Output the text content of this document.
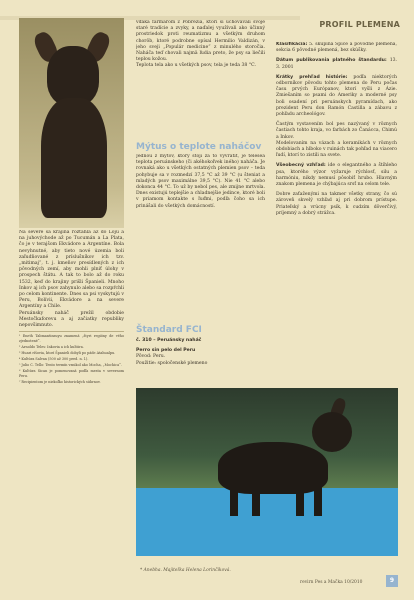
PROFIL PLEMENA

Na severe sa krajina rozťahla až do Lojú a na juhovýchode až po Tucumán a La Plata, čo je v terajšom Ekvádore a Argentíne. Bola nevyhnutné, aby tieto nové územia boli zaľudňované z príslušníkov ich tzv. „mitimaj“, t. j. kmeňov presídlených z ich pôvodných zemí, aby mohli plniť úlohy v prospech štátu. A tak to bolo až do roku 1532, keď do krajiny prišli Španieli. Mnoho Inkov aj ich psov zahynulo alebo sa rozpŕchli po celom kontinente. Dnes sa psi vyskytujú v Peru, Bolívii, Ekvádore a na severe Argentíny a Chile.

Peruánsky naháč prežil obdobie Mestočkaforevu a aj začiatky republiky nepovšimnuto.

¹ Eneth Tabmantinsuyu znamená „štyri regióny de vého zjednotené“.
² Arnoldo Teles: Inkovia a ich kultúra.
³ Huari ríšovia, ktorí Španieli dobyli po páde Atahualpu.
⁴ Kultúra Salvan (500 až 300 pred. n. l.).
⁵ Julio C. Tello: Tento termín vznikol ako Mocha, „Mochica“.
⁶ Kultúra Sican je pomenovaná podľa mesta v severnom Peru.
⁷ Recipientom je niekoľko historických súhrnov.

vďaka farmárom z Pobrežia, ktorí si uchovávali svoje staré tradície a zvyky, a naďalej využívali ako účinný prostriedok proti reumatizmu a všetkým druhom chorôb, ktoré podrobne opísal Hermilio Valdizán, v jeho sveji „Populár medicine“ z minulého storočia. Naháča teď chovali najmä ľudia preto, že psy sa liečili teplou kožou.

Teplota tela ako u všetkých psov, tela je teda 38 °C.

Mýtus o teplote naháčov
Jednou z mýtov, ktorý stojí za to vyvrátiť, je teleseá teplota peruánskeho (či akéhokoľvek iného) naháča. Je rovnaká ako u všetkých ostatných plemien psov – teda pohybuje sa v rozmedzí 37,5 °C až 39 °C (u šteniat a mladých psov maximálne 39,5 °C). Nie 41 °C alebo dokonca 44 °C. To už by nebol pes, ale zmijne mrtvola. Dnes existujú teplejšie a chladnejšie jedince, ktoré boli v priamom kontakte s ľuďmi, podľa čoho sa ich prinášali do všetkých domácností.
Štandard FCI
č. 310 – Peruánsky naháč
Perro sin pelo del Peru
Pôvod: Peru.
Použitie: spoločenské plemeno

Klasifikácia: 5. skupina Špice a pôvodné plemená, sekcia 6 pôvodné plemená, bez skúšky.

Dátum publikovania platného štandardu: 13. 3. 2001

Krátky prehľad histórie: podľa niektorých odborníkov pôvodu tohto plemena do Peru počas času prvých Európanov, ktorí vyšli z Ázie. Zmiešaním so psami do Ameriky a moderné psy boli osadení pri peruánskych pyramídach, ako prezident Peru don Ramón Castilla a zábavu z pohľadu archeológov.

Častým vystavením bol pes nazývaný v rôznych častiach tohto kraja, vo farbách zo Čanácca, Chimú a Inkov.

Modelovaním na vázach a keramikách v rôznych obdobiach a hlboko v ruinách tak pohľad na viacero ľudí, ktorí to zistili na svete.

Všeobecný vzhľad: ide o elegantného a štíhleho psa, ktorého výzor vyžaruje rýchlosť, silu a harmóniu, nikdy nemusí pôsobiť hrubo. Hlavným znakom plemena je chýbajúca srsť na celom tele.

Dobre zaťaženými na takmer všetky strany, čo sú zároveň skvelý vzhľad aj pri dobrom prístupe. Priateľský a vrúcny psík, k cudzím dôverčivý, príjemný a dobrý strážca.

* Anebha. Majiteľka Helena Lorinčíková.
revirn Pes a Mačka 10/2010	9
